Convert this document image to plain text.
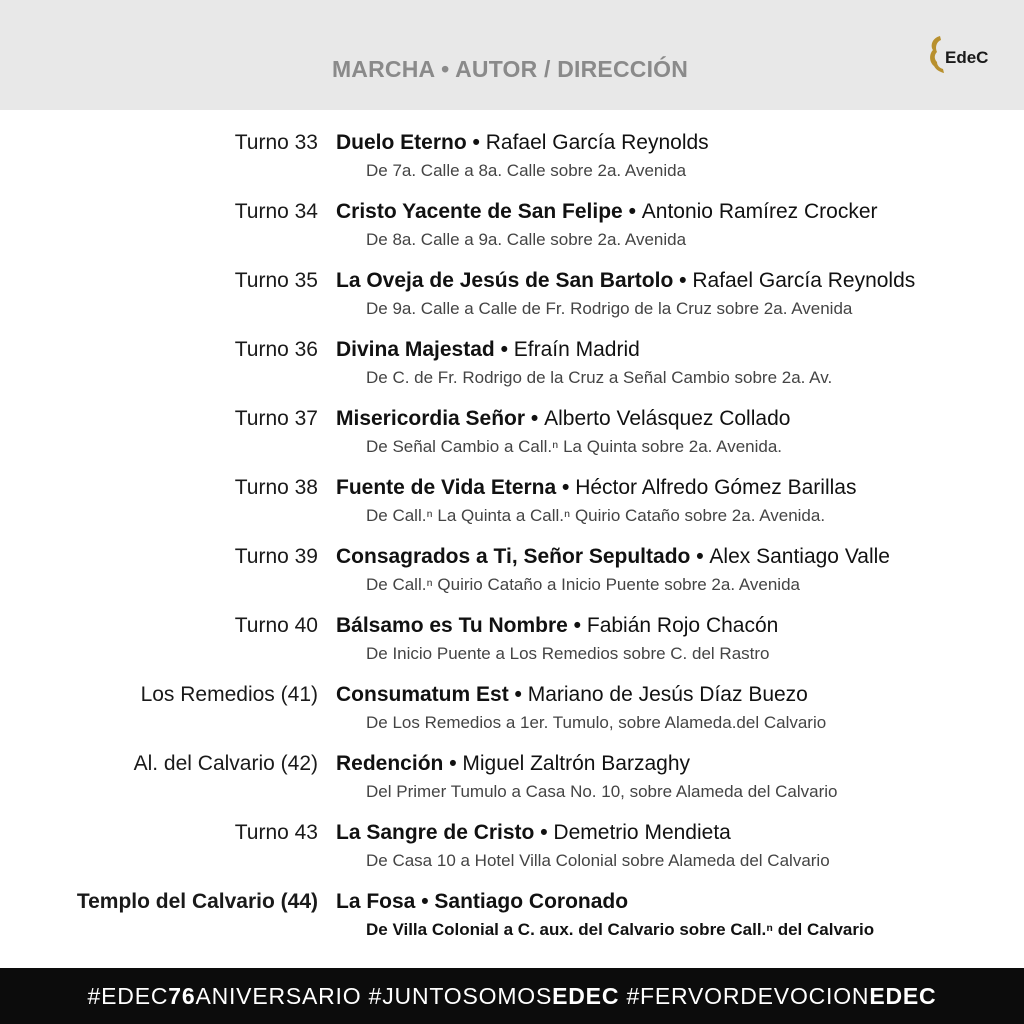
MARCHA • AUTOR / DIRECCIÓN	EdeC
Turno 33 Duelo Eterno • Rafael García Reynolds
De 7a. Calle a 8a. Calle sobre 2a. Avenida
Turno 34 Cristo Yacente de San Felipe • Antonio Ramírez Crocker
De 8a. Calle a 9a. Calle sobre 2a. Avenida
Turno 35 La Oveja de Jesús de San Bartolo • Rafael García Reynolds
De 9a. Calle a Calle de Fr. Rodrigo de la Cruz sobre 2a. Avenida
Turno 36 Divina Majestad • Efraín Madrid
De C. de Fr. Rodrigo de la Cruz a Señal Cambio sobre 2a. Av.
Turno 37 Misericordia Señor • Alberto Velásquez Collado
De Señal Cambio a Call.ⁿ La Quinta sobre 2a. Avenida.
Turno 38 Fuente de Vida Eterna • Héctor Alfredo Gómez Barillas
De Call.ⁿ La Quinta a Call.ⁿ Quirio Cataño sobre 2a. Avenida.
Turno 39 Consagrados a Ti, Señor Sepultado • Alex Santiago Valle
De Call.ⁿ Quirio Cataño a Inicio Puente sobre 2a. Avenida
Turno 40 Bálsamo es Tu Nombre • Fabián Rojo Chacón
De Inicio Puente a Los Remedios sobre C. del Rastro
Los Remedios (41) Consumatum Est • Mariano de Jesús Díaz Buezo
De Los Remedios a 1er. Tumulo, sobre Alameda.del Calvario
Al. del Calvario (42) Redención • Miguel Zaltrón Barzaghy
Del Primer Tumulo a Casa No. 10, sobre Alameda del Calvario
Turno 43 La Sangre de Cristo • Demetrio Mendieta
De Casa 10 a Hotel Villa Colonial sobre Alameda del Calvario
Templo del Calvario (44) La Fosa • Santiago Coronado
De Villa Colonial a C. aux. del Calvario sobre Call.ⁿ del Calvario
#EDEC76ANIVERSARIO #JUNTOSOMOSEDEC #FERVORDEVOCIONEDEC
